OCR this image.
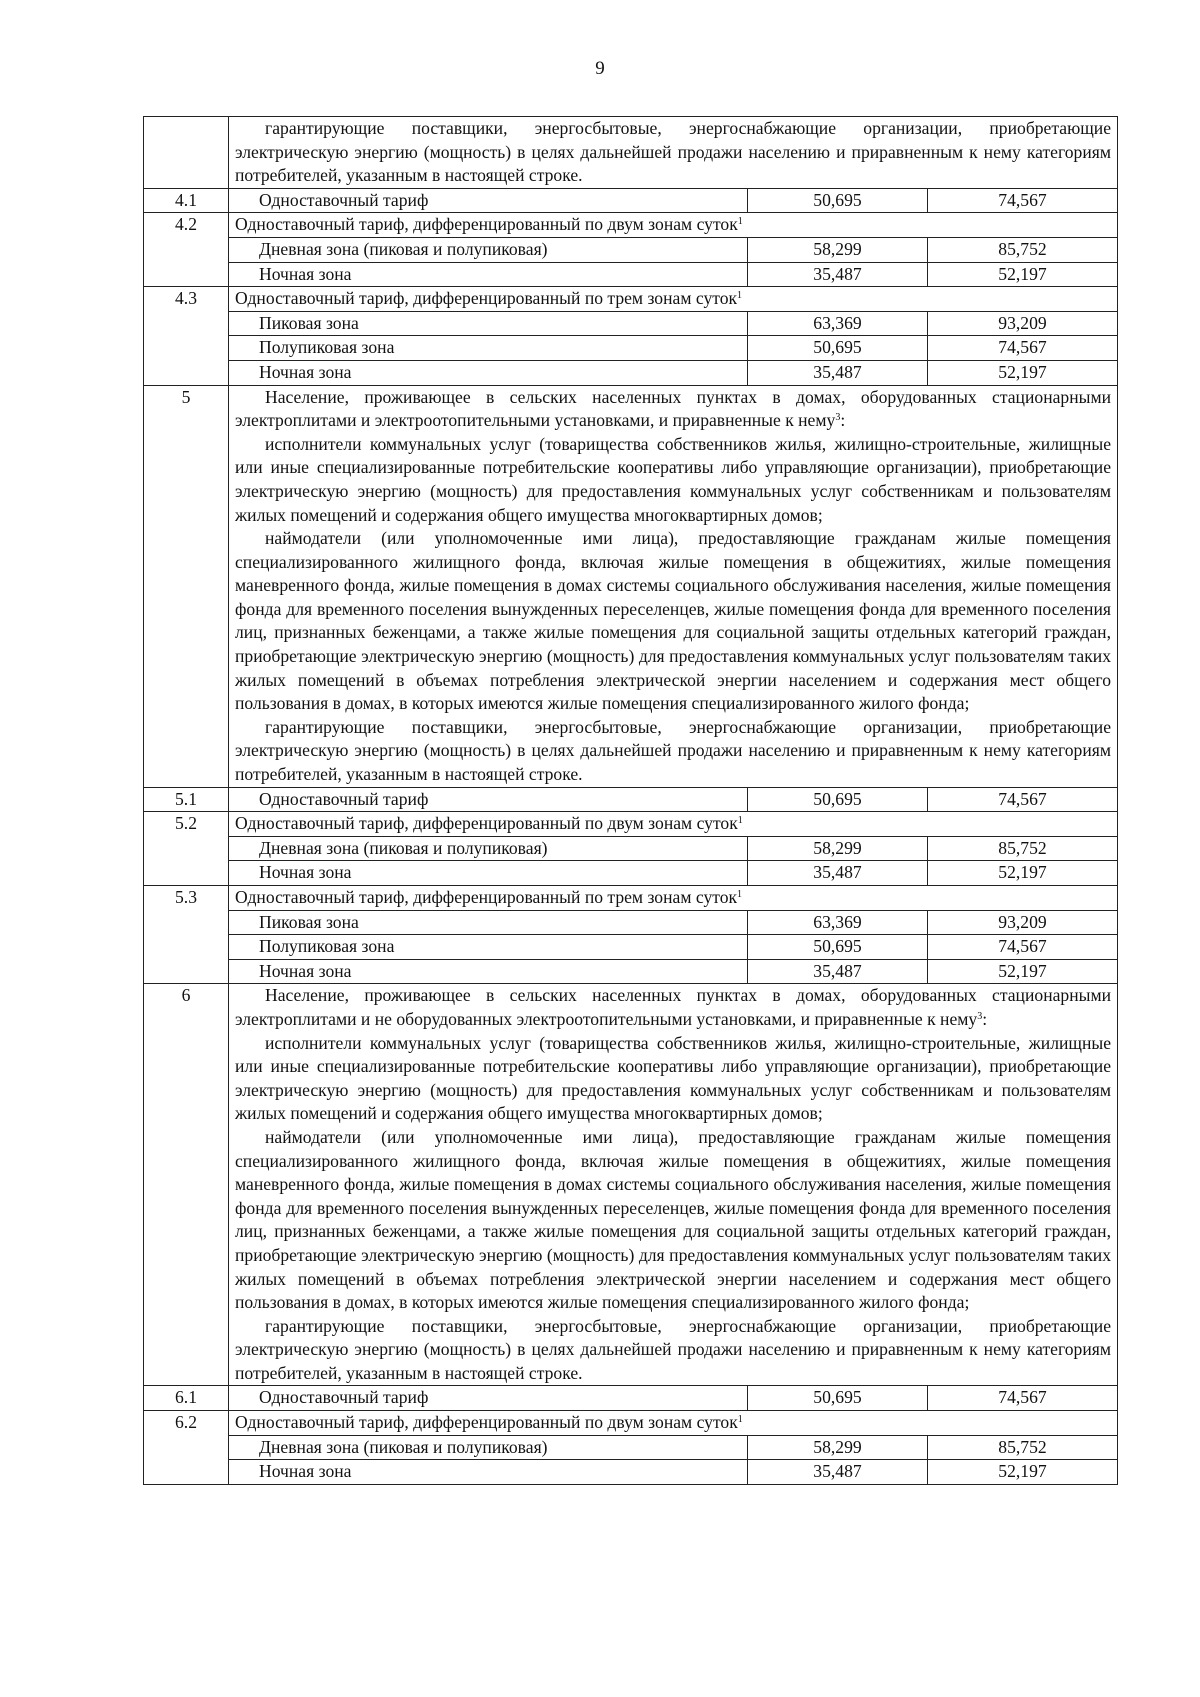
9

	гарантирующие поставщики, энергосбытовые, энергоснабжающие организации, приобретающие электрическую энергию (мощность) в целях дальнейшей продажи населению и приравненным к нему категориям потребителей, указанным в настоящей строке.		

4.1	Одноставочный тариф	50,695	74,567
4.2	Одноставочный тариф, дифференцированный по двум зонам суток$^1$
	Дневная зона (пиковая и полупиковая)	58,299	85,752
	Ночная зона	35,487	52,197
4.3	Одноставочный тариф, дифференцированный по трем зонам суток$^1$
	Пиковая зона	63,369	93,209
	Полупиковая зона	50,695	74,567
	Ночная зона	35,487	52,197
5	Население, проживающее в сельских населенных пунктах в домах, оборудованных стационарными электроплитами и электроотопительными установками, и приравненные к нему$^3$:

исполнители коммунальных услуг (товарищества собственников жилья, жилищно-строительные, жилищные или иные специализированные потребительские кооперативы либо управляющие организации), приобретающие электрическую энергию (мощность) для предоставления коммунальных услуг собственникам и пользователям жилых помещений и содержания общего имущества многоквартирных домов;

наймодатели (или уполномоченные ими лица), предоставляющие гражданам жилые помещения специализированного жилищного фонда, включая жилые помещения в общежитиях, жилые помещения маневренного фонда, жилые помещения в домах системы социального обслуживания населения, жилые помещения фонда для временного поселения вынужденных переселенцев, жилые помещения фонда для временного поселения лиц, признанных беженцами, а также жилые помещения для социальной защиты отдельных категорий граждан, приобретающие электрическую энергию (мощность) для предоставления коммунальных услуг пользователям таких жилых помещений в объемах потребления электрической энергии населением и содержания мест общего пользования в домах, в которых имеются жилые помещения специализированного жилого фонда;

гарантирующие поставщики, энергосбытовые, энергоснабжающие организации, приобретающие электрическую энергию (мощность) в целях дальнейшей продажи населению и приравненным к нему категориям потребителей, указанным в настоящей строке.		

5.1	Одноставочный тариф	50,695	74,567
5.2	Одноставочный тариф, дифференцированный по двум зонам суток$^1$
	Дневная зона (пиковая и полупиковая)	58,299	85,752
	Ночная зона	35,487	52,197
5.3	Одноставочный тариф, дифференцированный по трем зонам суток$^1$
	Пиковая зона	63,369	93,209
	Полупиковая зона	50,695	74,567
	Ночная зона	35,487	52,197
6	Население, проживающее в сельских населенных пунктах в домах, оборудованных стационарными электроплитами и не оборудованных электроотопительными установками, и приравненные к нему$^3$:

исполнители коммунальных услуг (товарищества собственников жилья, жилищно-строительные, жилищные или иные специализированные потребительские кооперативы либо управляющие организации), приобретающие электрическую энергию (мощность) для предоставления коммунальных услуг собственникам и пользователям жилых помещений и содержания общего имущества многоквартирных домов;

наймодатели (или уполномоченные ими лица), предоставляющие гражданам жилые помещения специализированного жилищного фонда, включая жилые помещения в общежитиях, жилые помещения маневренного фонда, жилые помещения в домах системы социального обслуживания населения, жилые помещения фонда для временного поселения вынужденных переселенцев, жилые помещения фонда для временного поселения лиц, признанных беженцами, а также жилые помещения для социальной защиты отдельных категорий граждан, приобретающие электрическую энергию (мощность) для предоставления коммунальных услуг пользователям таких жилых помещений в объемах потребления электрической энергии населением и содержания мест общего пользования в домах, в которых имеются жилые помещения специализированного жилого фонда;

гарантирующие поставщики, энергосбытовые, энергоснабжающие организации, приобретающие электрическую энергию (мощность) в целях дальнейшей продажи населению и приравненным к нему категориям потребителей, указанным в настоящей строке.		

6.1	Одноставочный тариф	50,695	74,567
6.2	Одноставочный тариф, дифференцированный по двум зонам суток$^1$
	Дневная зона (пиковая и полупиковая)	58,299	85,752
	Ночная зона	35,487	52,197
